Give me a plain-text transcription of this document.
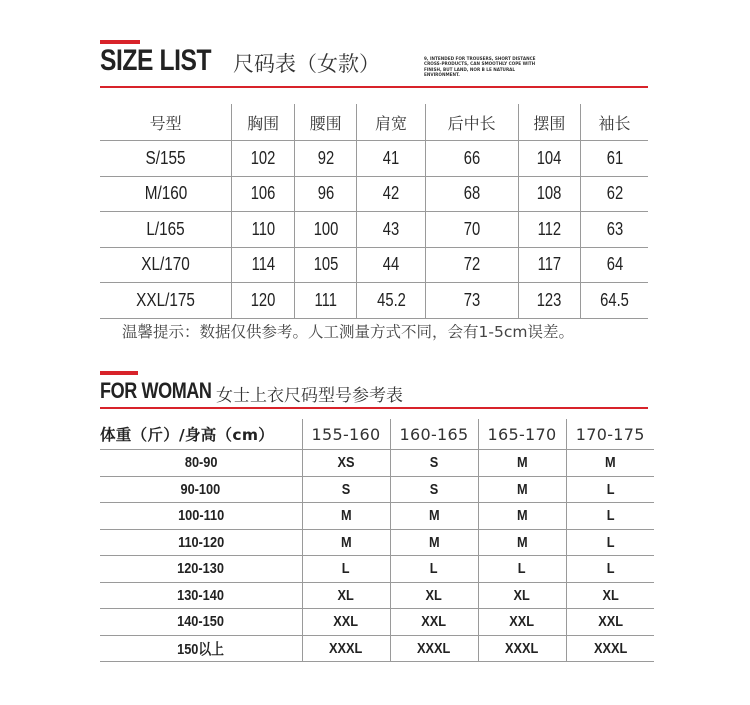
SIZE LIST 尺码表（女款）	9, INTENDED FOR TROUSERS, SHORT DISTANCE CROSS-PRODUCTS, CAN SMOOTHLY COPE WITH FINISH, BUT LAND, NOR B LE NATURAL ENVIRONMENT.
号型	胸围	腰围	肩宽	后中长	摆围	袖长
S/155	102	92	41	66	104	61
M/160	106	96	42	68	108	62
L/165	110	100	43	70	112	63
XL/170	114	105	44	72	117	64
XXL/175	120	111	45.2	73	123	64.5
温馨提示：数据仅供参考。人工测量方式不同，会有1-5cm误差。
FOR WOMAN 女士上衣尺码型号参考表
体重（斤）/身高（cm）	155-160	160-165	165-170	170-175
80-90	XS	S	M	M
90-100	S	S	M	L
100-110	M	M	M	L
110-120	M	M	M	L
120-130	L	L	L	L
130-140	XL	XL	XL	XL
140-150	XXL	XXL	XXL	XXL
150以上	XXXL	XXXL	XXXL	XXXL
